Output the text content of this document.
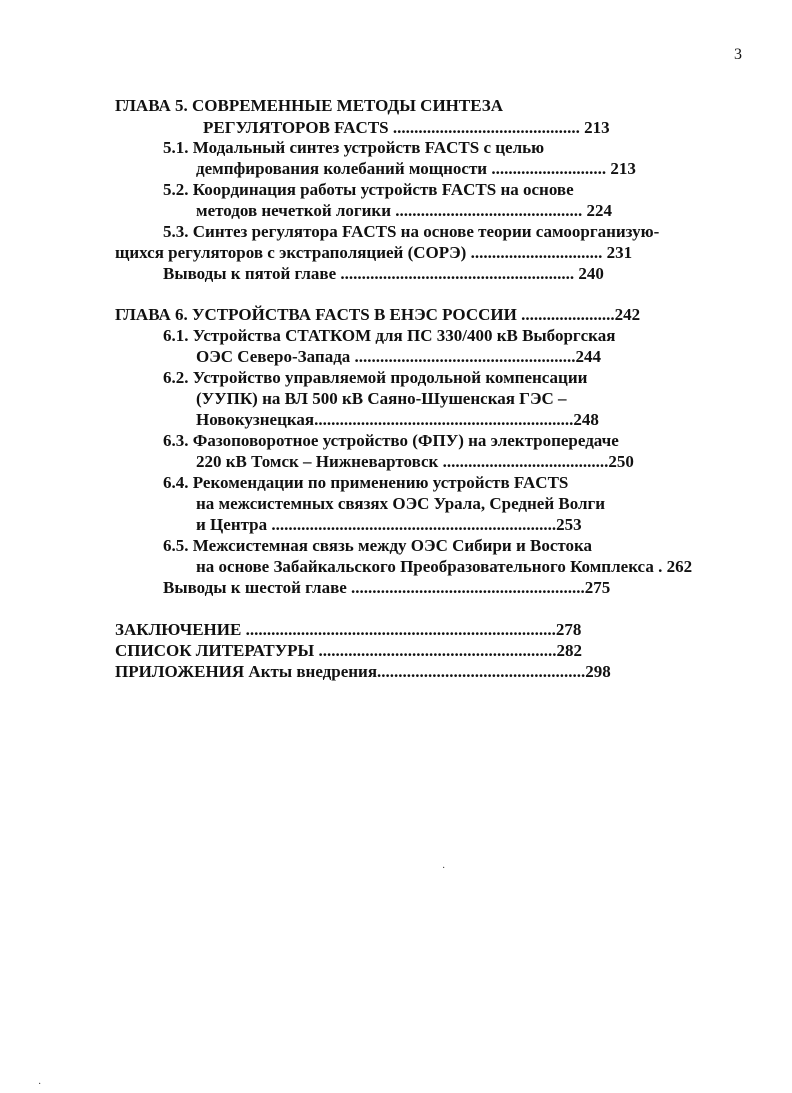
3
ГЛАВА 5. СОВРЕМЕННЫЕ МЕТОДЫ СИНТЕЗА
РЕГУЛЯТОРОВ FACTS ............................................ 213
5.1. Модальный синтез устройств FACTS с целью
демпфирования колебаний мощности ........................... 213
5.2. Координация работы устройств FACTS на основе
методов нечеткой логики ............................................ 224
5.3. Синтез регулятора FACTS на основе теории самоорганизую-
щихся регуляторов с экстраполяцией (СОРЭ) ............................... 231
Выводы к пятой главе ....................................................... 240
ГЛАВА 6. УСТРОЙСТВА FACTS В ЕНЭС РОССИИ ......................242
6.1. Устройства СТАТКОМ для ПС 330/400 кВ Выборгская
ОЭС Северо-Запада ....................................................244
6.2. Устройство управляемой продольной компенсации
(УУПК) на ВЛ 500 кВ Саяно-Шушенская ГЭС –
Новокузнецкая.............................................................248
6.3. Фазоповоротное устройство (ФПУ) на электропередаче
220 кВ Томск – Нижневартовск .......................................250
6.4. Рекомендации по применению устройств FACTS
на межсистемных связях ОЭС Урала, Средней Волги
и Центра ...................................................................253
6.5. Межсистемная связь между ОЭС Сибири и Востока
на основе Забайкальского Преобразовательного Комплекса . 262
Выводы к шестой главе .......................................................275
ЗАКЛЮЧЕНИЕ .........................................................................278
СПИСОК ЛИТЕРАТУРЫ ........................................................282
ПРИЛОЖЕНИЯ Акты внедрения.................................................298
·
·
